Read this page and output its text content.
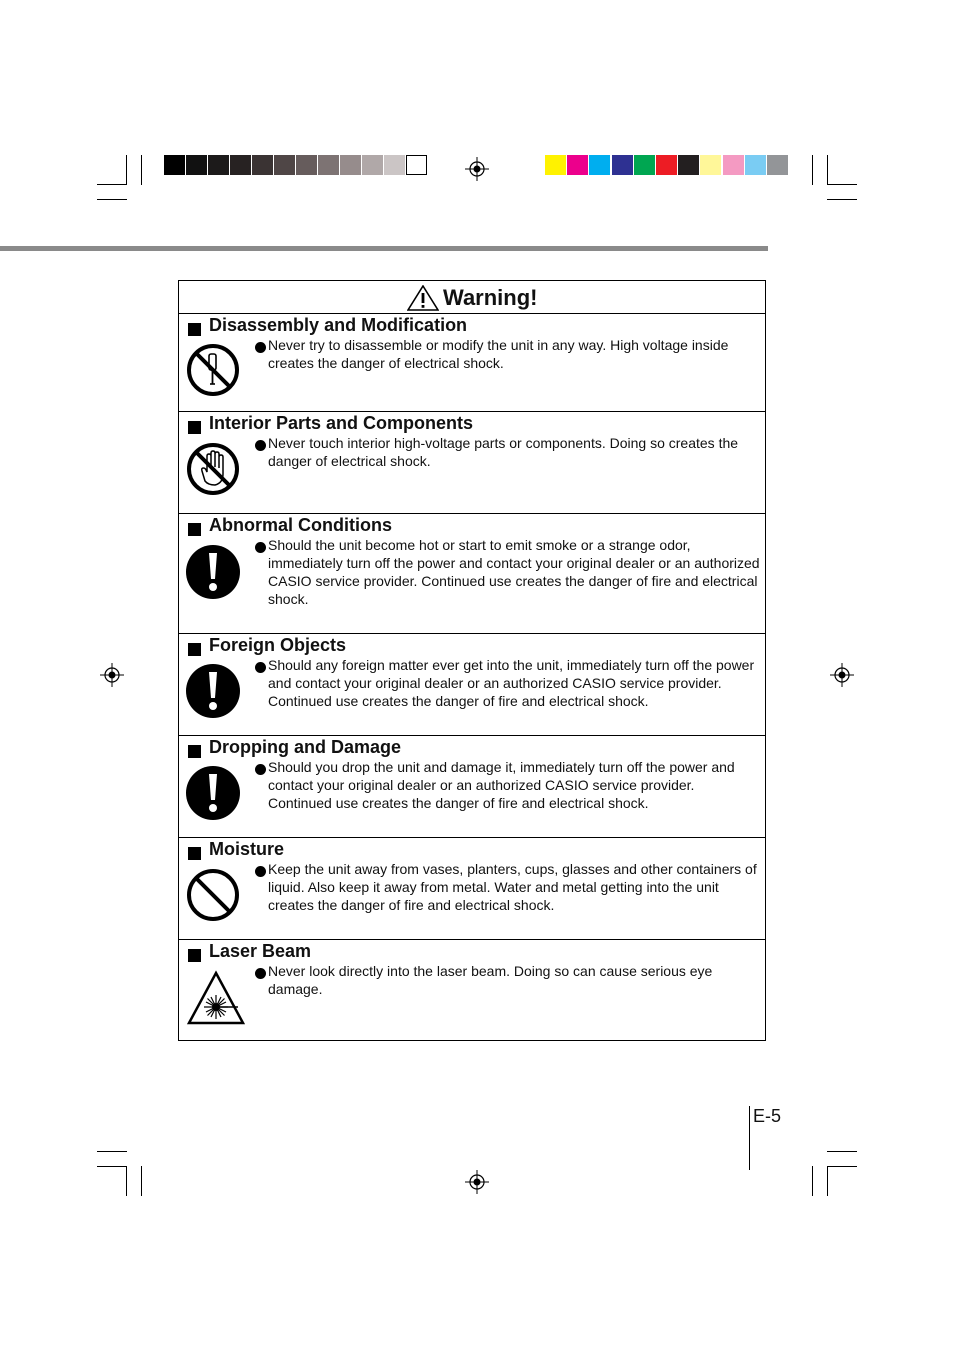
Warning!
Disassembly and Modification
Never try to disassemble or modify the unit in any way. High voltage inside creates the danger of electrical shock.
Interior Parts and Components
Never touch interior high-voltage parts or components. Doing so creates the danger of electrical shock.
Abnormal Conditions
Should the unit become hot or start to emit smoke or a strange odor, immediately turn off the power and contact your original dealer or an authorized CASIO service provider. Continued use creates the danger of fire and electrical shock.
Foreign Objects
Should any foreign matter ever get into the unit, immediately turn off the power and contact your original dealer or an authorized CASIO service provider. Continued use creates the danger of fire and electrical shock.
Dropping and Damage
Should you drop the unit and damage it, immediately turn off the power and contact your original dealer or an authorized CASIO service provider. Continued use creates the danger of fire and electrical shock.
Moisture
Keep the unit away from vases, planters, cups, glasses and other containers of liquid. Also keep it away from metal. Water and metal getting into the unit creates the danger of fire and electrical shock.
Laser Beam
Never look directly into the laser beam. Doing so can cause serious eye damage.
E-5
